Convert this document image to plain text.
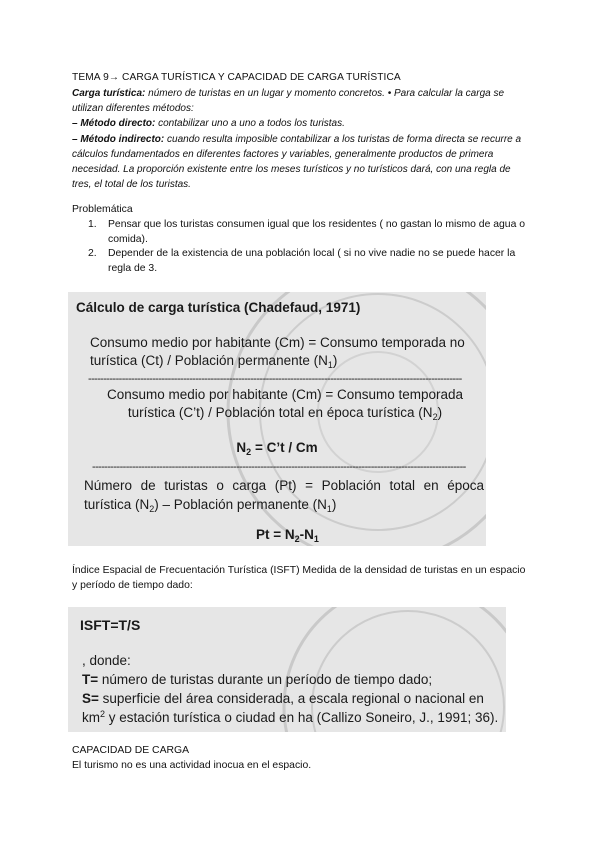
TEMA 9→ CARGA TURÍSTICA Y CAPACIDAD DE CARGA TURÍSTICA
Carga turística: número de turistas en un lugar y momento concretos. • Para calcular la carga se utilizan diferentes métodos:
– Método directo: contabilizar uno a uno a todos los turistas.
– Método indirecto: cuando resulta imposible contabilizar a los turistas de forma directa se recurre a cálculos fundamentados en diferentes factores y variables, generalmente productos de primera necesidad. La proporción existente entre los meses turísticos y no turísticos dará, con una regla de tres, el total de los turistas.
Problemática

1. Pensar que los turistas consumen igual que los residentes ( no gastan lo mismo de agua o comida).

2. Depender de la existencia de una población local ( si no vive nadie no se puede hacer la regla de 3.

Cálculo de carga turística (Chadefaud, 1971)
Consumo medio por habitante (Cm) = Consumo temporada no turística (Ct) / Población permanente $(N_1)$
--------------------------------------------------------------------------------------------------------------------------
Consumo medio por habitante (Cm) = Consumo temporada turística (C’t) / Población total en época turística $(N_2)$
$N_2$ = C’t / Cm
--------------------------------------------------------------------------------------------------------------------------
Número de turistas o carga (Pt) = Población total en época turística $(N_2)$ – Población permanente $(N_1)$
$Pt = N_2-N_1$
Índice Espacial de Frecuentación Turística (ISFT) Medida de la densidad de turistas en un espacio y período de tiempo dado:
ISFT=T/S
, donde:
T= número de turistas durante un período de tiempo dado;
S= superficie del área considerada, a escala regional o nacional en $km^2$ y estación turística o ciudad en ha (Callizo Soneiro, J., 1991; 36).
CAPACIDAD DE CARGA
El turismo no es una actividad inocua en el espacio.
